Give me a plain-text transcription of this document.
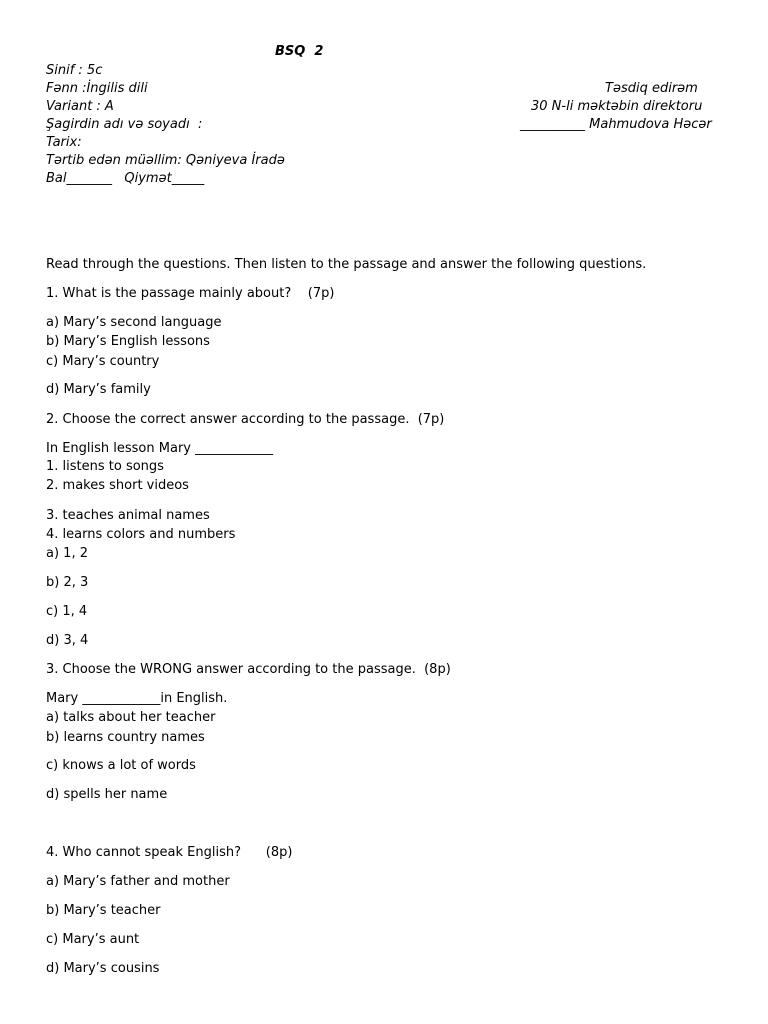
BSQ  2
Sinif : 5c
Fənn :İngilis dili
Variant : A
Şagirdin adı və soyadı  :
Tarix:
Tərtib edən müəllim: Qəniyeva İradə
Bal_______   Qiymət_____
Təsdiq edirəm
30 N-li məktəbin direktoru
__________ Mahmudova Həcər
Read through the questions. Then listen to the passage and answer the following questions.
1. What is the passage mainly about?    (7p)
a) Mary’s second language
b) Mary’s English lessons
c) Mary’s country
d) Mary’s family
2. Choose the correct answer according to the passage.  (7p)
In English lesson Mary ____________
1. listens to songs
2. makes short videos
3. teaches animal names
4. learns colors and numbers
a) 1, 2
b) 2, 3
c) 1, 4
d) 3, 4
3. Choose the WRONG answer according to the passage.  (8p)
Mary ____________in English.
a) talks about her teacher
b) learns country names
c) knows a lot of words
d) spells her name
4. Who cannot speak English?      (8p)
a) Mary’s father and mother
b) Mary’s teacher
c) Mary’s aunt
d) Mary’s cousins
